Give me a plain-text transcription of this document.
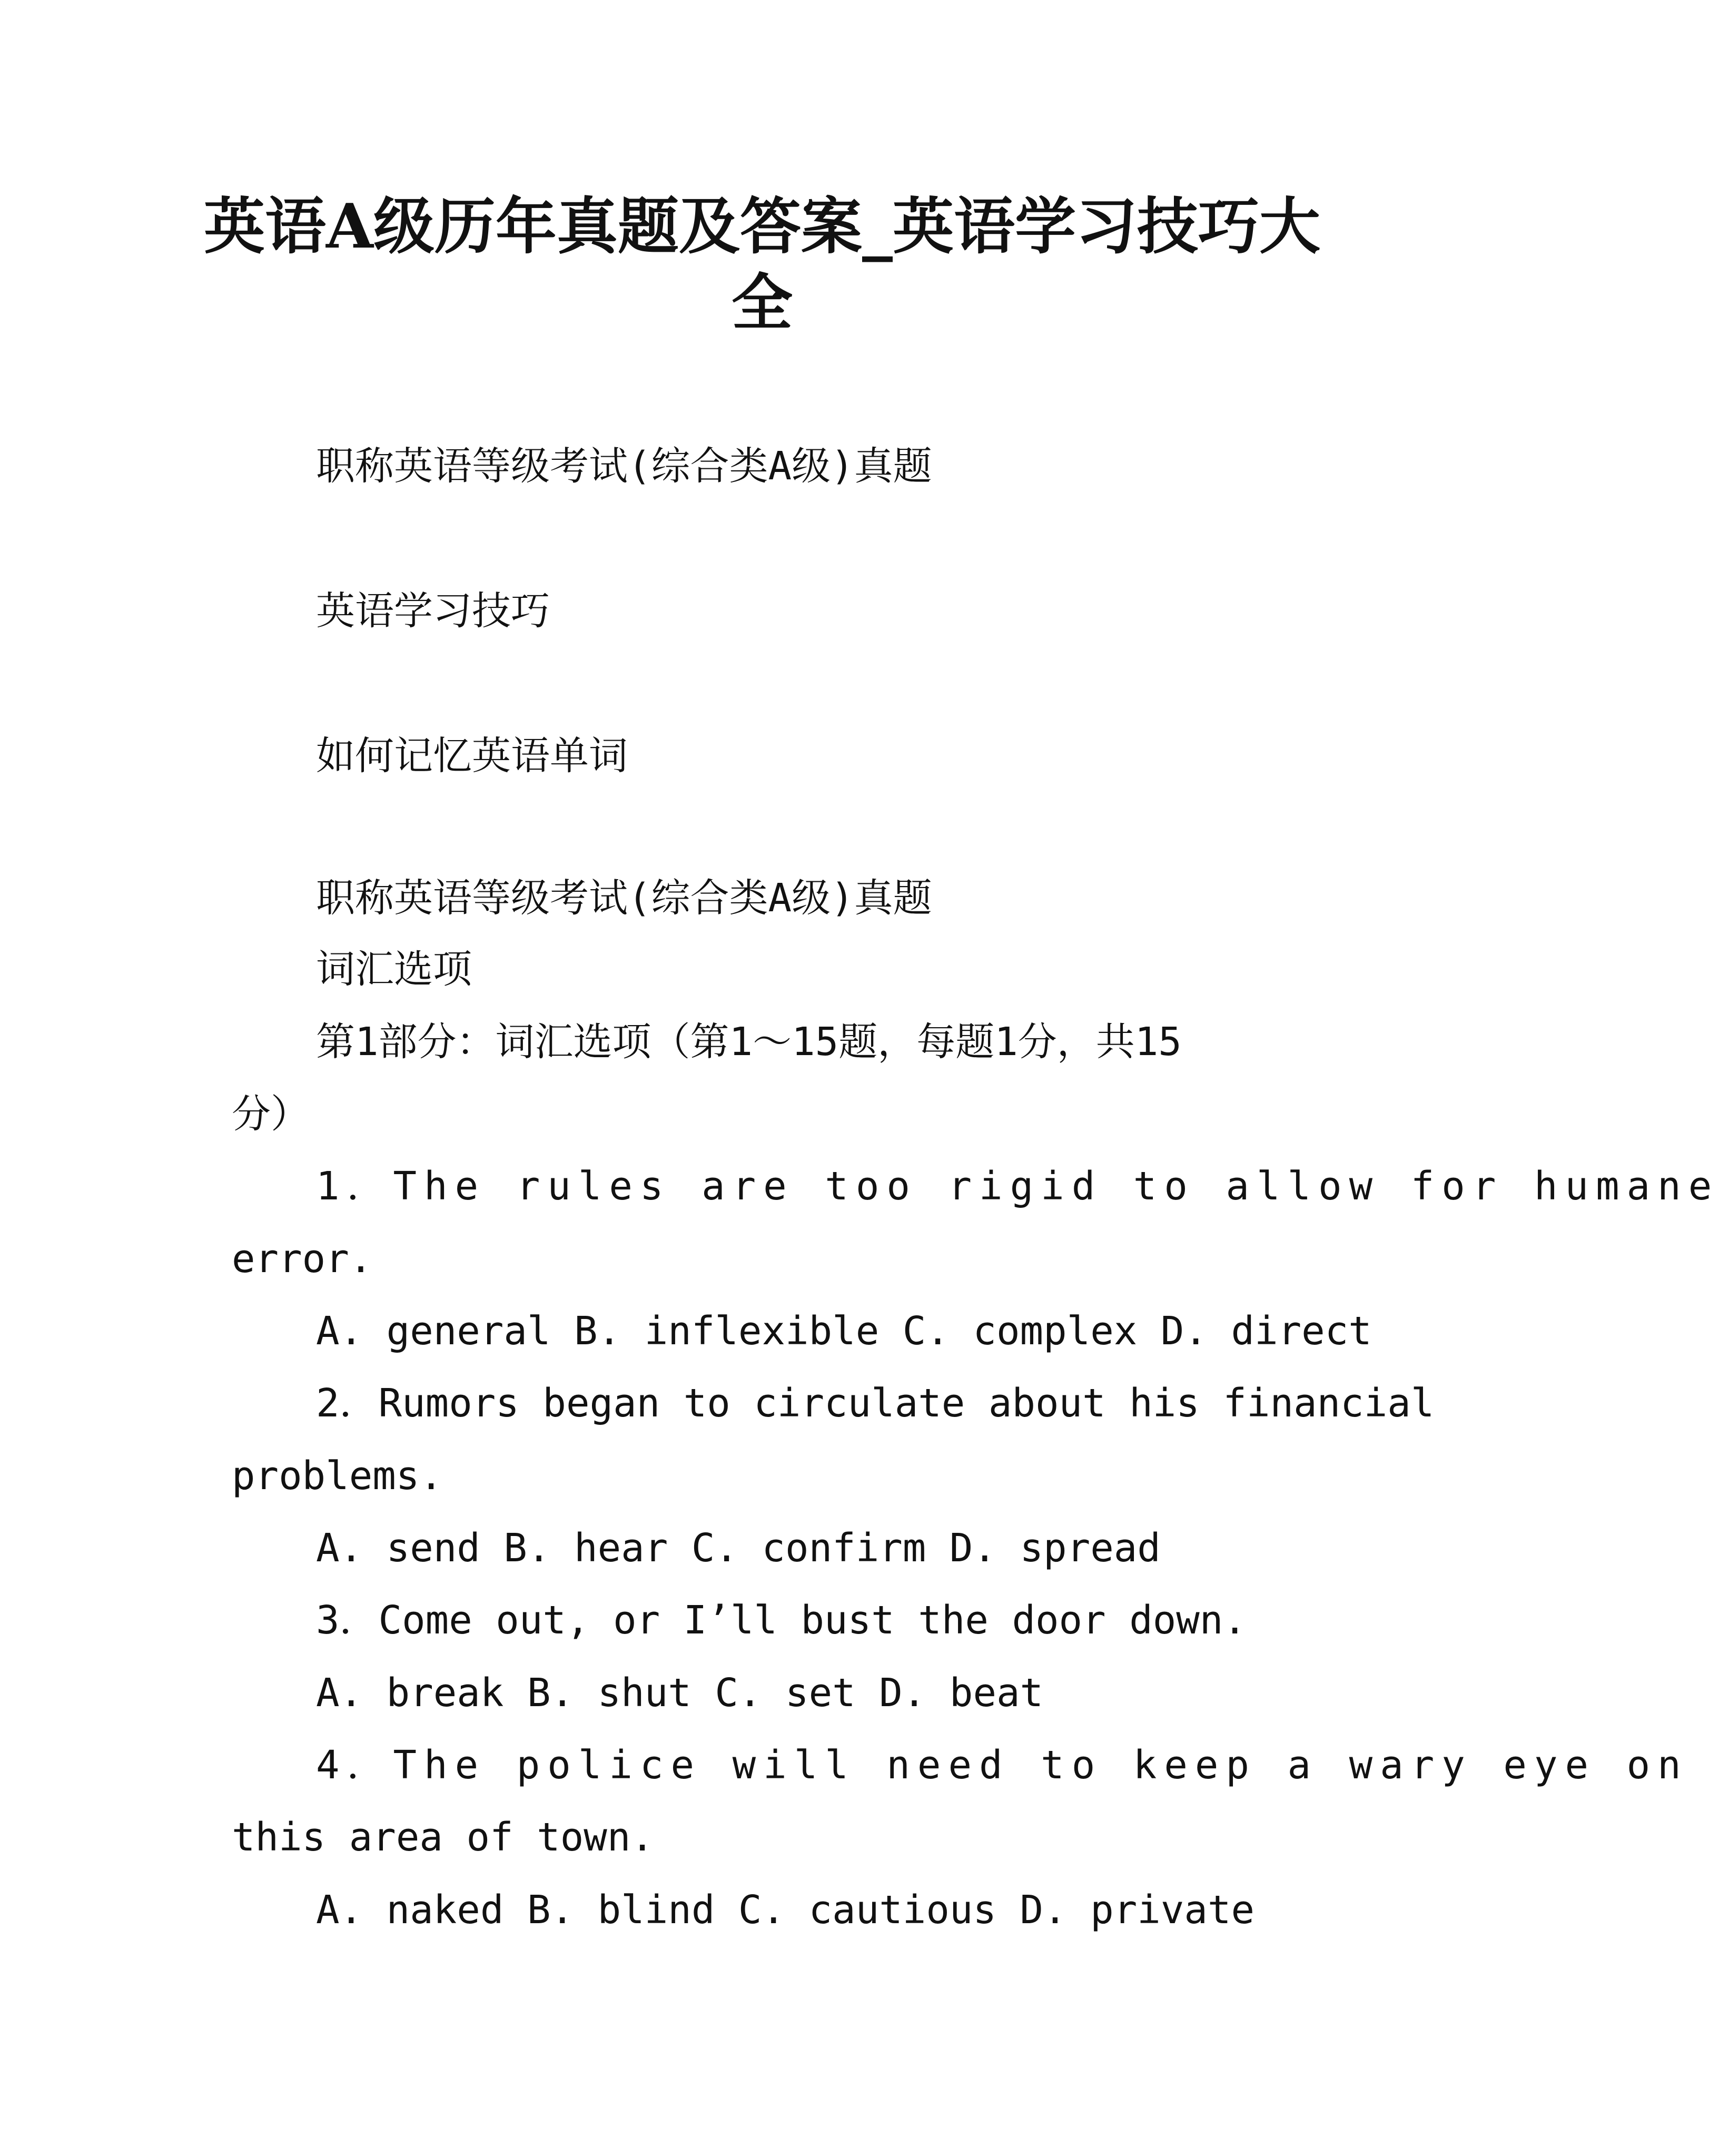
英语A级历年真题及答案_英语学习技巧大
全
职称英语等级考试(综合类A级)真题
英语学习技巧
如何记忆英语单词
职称英语等级考试(综合类A级)真题
词汇选项
第1部分：词汇选项（第1～15题，每题1分，共15
分）
1．The rules are too rigid to allow for humane
error.
A. general B. inflexible C. complex D. direct
2．Rumors began to circulate about his financial
problems.
A. send B. hear C. confirm D. spread
3．Come out, or I’ll bust the door down.
A. break B. shut C. set D. beat
4．The police will need to keep a wary eye on
this area of town.
A. naked B. blind C. cautious D. private
